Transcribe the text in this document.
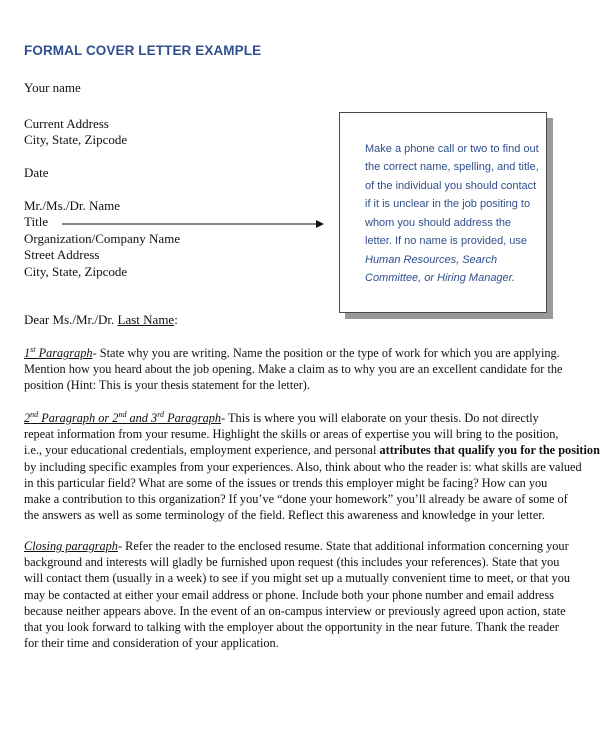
FORMAL COVER LETTER EXAMPLE
Your name
Current Address
City, State, Zipcode
Date
Mr./Ms./Dr. Name
Title
Organization/Company Name
Street Address
City, State, Zipcode
Make a phone call or two to find out
the correct name, spelling, and title,
of the individual you should contact
if it is unclear in the job positing to
whom you should address the
letter. If no name is provided, use
Human Resources, Search
Committee, or Hiring Manager.
Dear Ms./Mr./Dr. Last Name:
1st Paragraph- State why you are writing. Name the position or the type of work for which you are applying.
Mention how you heard about the job opening. Make a claim as to why you are an excellent candidate for the
position (Hint: This is your thesis statement for the letter).
2nd Paragraph or 2nd and 3rd Paragraph- This is where you will elaborate on your thesis. Do not directly
repeat information from your resume. Highlight the skills or areas of expertise you will bring to the position,
i.e., your educational credentials, employment experience, and personal attributes that qualify you for the position
by including specific examples from your experiences. Also, think about who the reader is: what skills are valued
in this particular field? What are some of the issues or trends this employer might be facing? How can you
make a contribution to this organization? If you’ve “done your homework” you’ll already be aware of some of
the answers as well as some terminology of the field. Reflect this awareness and knowledge in your letter.
Closing paragraph- Refer the reader to the enclosed resume. State that additional information concerning your
background and interests will gladly be furnished upon request (this includes your references). State that you
will contact them (usually in a week) to see if you might set up a mutually convenient time to meet, or that you
may be contacted at either your email address or phone. Include both your phone number and email address
because neither appears above. In the event of an on-campus interview or previously agreed upon action, state
that you look forward to talking with the employer about the opportunity in the near future. Thank the reader
for their time and consideration of your application.
